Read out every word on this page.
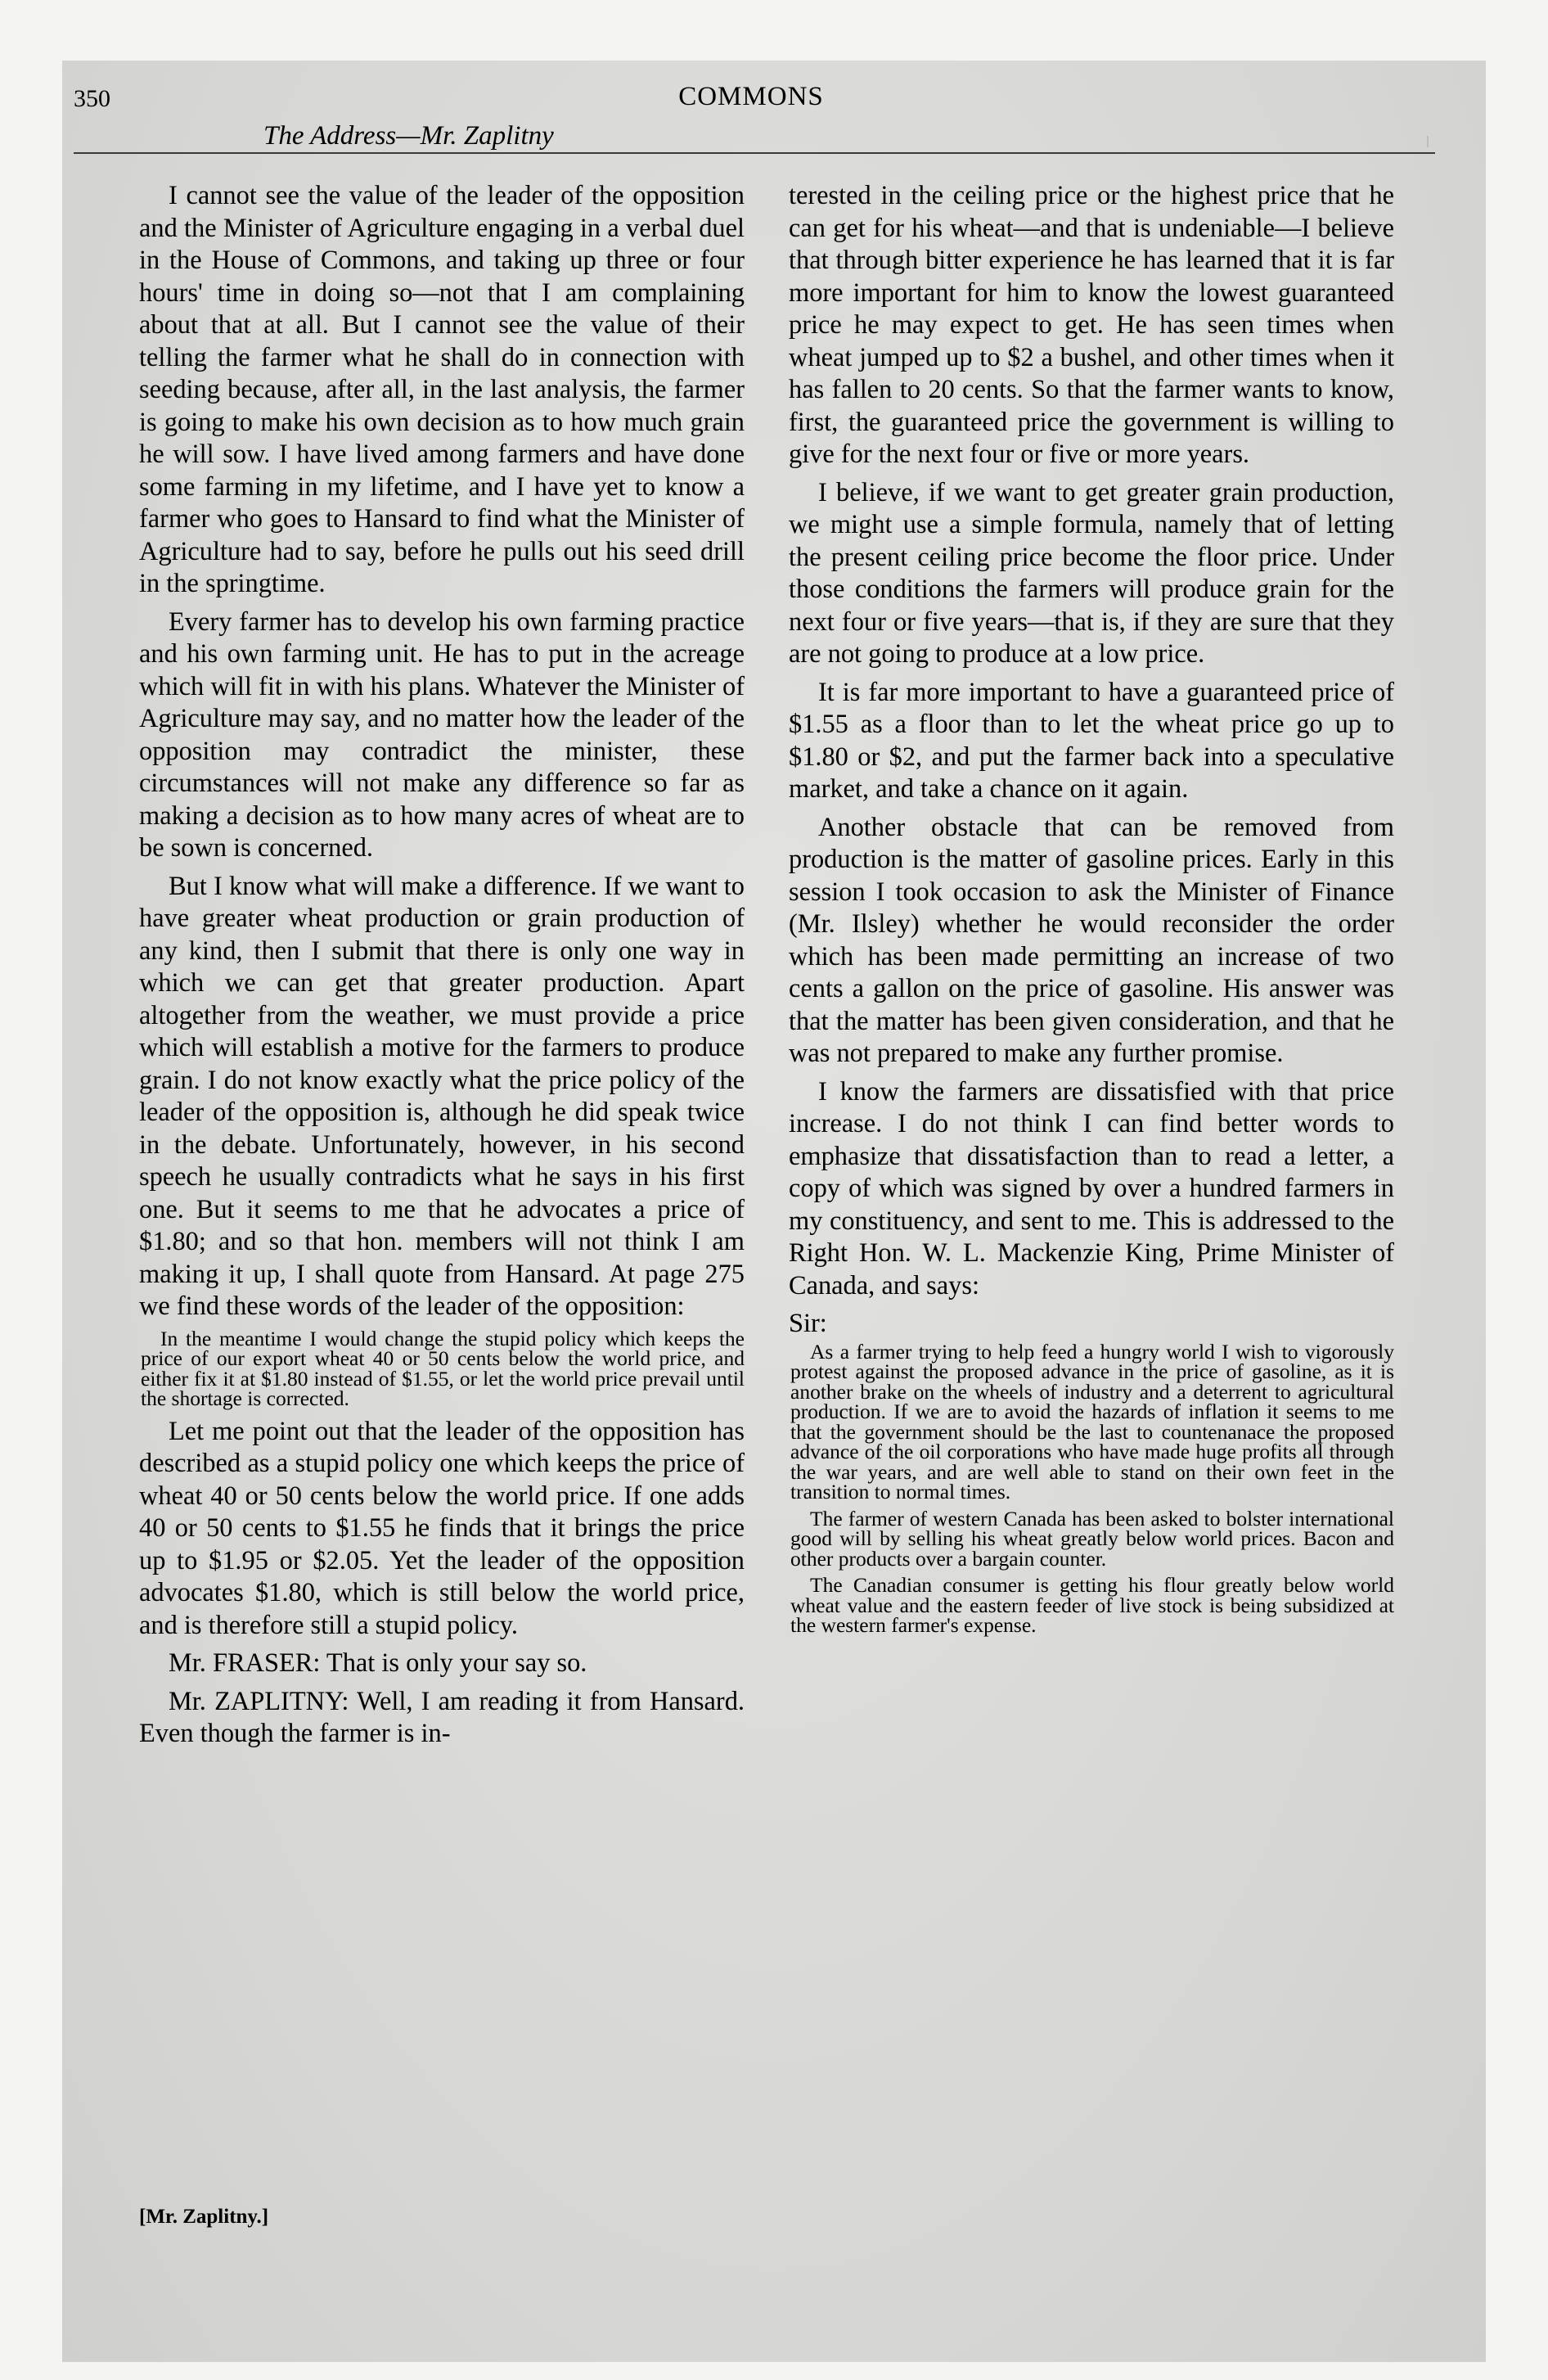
350	COMMONS
The Address—Mr. Zaplitny

I cannot see the value of the leader of the opposition and the Minister of Agriculture engaging in a verbal duel in the House of Commons, and taking up three or four hours' time in doing so—not that I am complaining about that at all. But I cannot see the value of their telling the farmer what he shall do in connection with seeding because, after all, in the last analysis, the farmer is going to make his own decision as to how much grain he will sow. I have lived among farmers and have done some farming in my lifetime, and I have yet to know a farmer who goes to Hansard to find what the Minister of Agriculture had to say, before he pulls out his seed drill in the springtime.

Every farmer has to develop his own farming practice and his own farming unit. He has to put in the acreage which will fit in with his plans. Whatever the Minister of Agriculture may say, and no matter how the leader of the opposition may contradict the minister, these circumstances will not make any difference so far as making a decision as to how many acres of wheat are to be sown is concerned.

But I know what will make a difference. If we want to have greater wheat production or grain production of any kind, then I submit that there is only one way in which we can get that greater production. Apart altogether from the weather, we must provide a price which will establish a motive for the farmers to produce grain. I do not know exactly what the price policy of the leader of the opposition is, although he did speak twice in the debate. Unfortunately, however, in his second speech he usually contradicts what he says in his first one. But it seems to me that he advocates a price of $1.80; and so that hon. members will not think I am making it up, I shall quote from Hansard. At page 275 we find these words of the leader of the opposition:

In the meantime I would change the stupid policy which keeps the price of our export wheat 40 or 50 cents below the world price, and either fix it at $1.80 instead of $1.55, or let the world price prevail until the shortage is corrected.

Let me point out that the leader of the opposition has described as a stupid policy one which keeps the price of wheat 40 or 50 cents below the world price. If one adds 40 or 50 cents to $1.55 he finds that it brings the price up to $1.95 or $2.05. Yet the leader of the opposition advocates $1.80, which is still below the world price, and is therefore still a stupid policy.

Mr. FRASER: That is only your say so.

Mr. ZAPLITNY: Well, I am reading it from Hansard. Even though the farmer is in-

terested in the ceiling price or the highest price that he can get for his wheat—and that is undeniable—I believe that through bitter experience he has learned that it is far more important for him to know the lowest guaranteed price he may expect to get. He has seen times when wheat jumped up to $2 a bushel, and other times when it has fallen to 20 cents. So that the farmer wants to know, first, the guaranteed price the government is willing to give for the next four or five or more years.

I believe, if we want to get greater grain production, we might use a simple formula, namely that of letting the present ceiling price become the floor price. Under those conditions the farmers will produce grain for the next four or five years—that is, if they are sure that they are not going to produce at a low price.

It is far more important to have a guaranteed price of $1.55 as a floor than to let the wheat price go up to $1.80 or $2, and put the farmer back into a speculative market, and take a chance on it again.

Another obstacle that can be removed from production is the matter of gasoline prices. Early in this session I took occasion to ask the Minister of Finance (Mr. Ilsley) whether he would reconsider the order which has been made permitting an increase of two cents a gallon on the price of gasoline. His answer was that the matter has been given consideration, and that he was not prepared to make any further promise.

I know the farmers are dissatisfied with that price increase. I do not think I can find better words to emphasize that dissatisfaction than to read a letter, a copy of which was signed by over a hundred farmers in my constituency, and sent to me. This is addressed to the Right Hon. W. L. Mackenzie King, Prime Minister of Canada, and says:

Sir:

As a farmer trying to help feed a hungry world I wish to vigorously protest against the proposed advance in the price of gasoline, as it is another brake on the wheels of industry and a deterrent to agricultural production. If we are to avoid the hazards of inflation it seems to me that the government should be the last to countenanace the proposed advance of the oil corporations who have made huge profits all through the war years, and are well able to stand on their own feet in the transition to normal times.

The farmer of western Canada has been asked to bolster international good will by selling his wheat greatly below world prices. Bacon and other products over a bargain counter.

The Canadian consumer is getting his flour greatly below world wheat value and the eastern feeder of live stock is being subsidized at the western farmer's expense.

[Mr. Zaplitny.]
